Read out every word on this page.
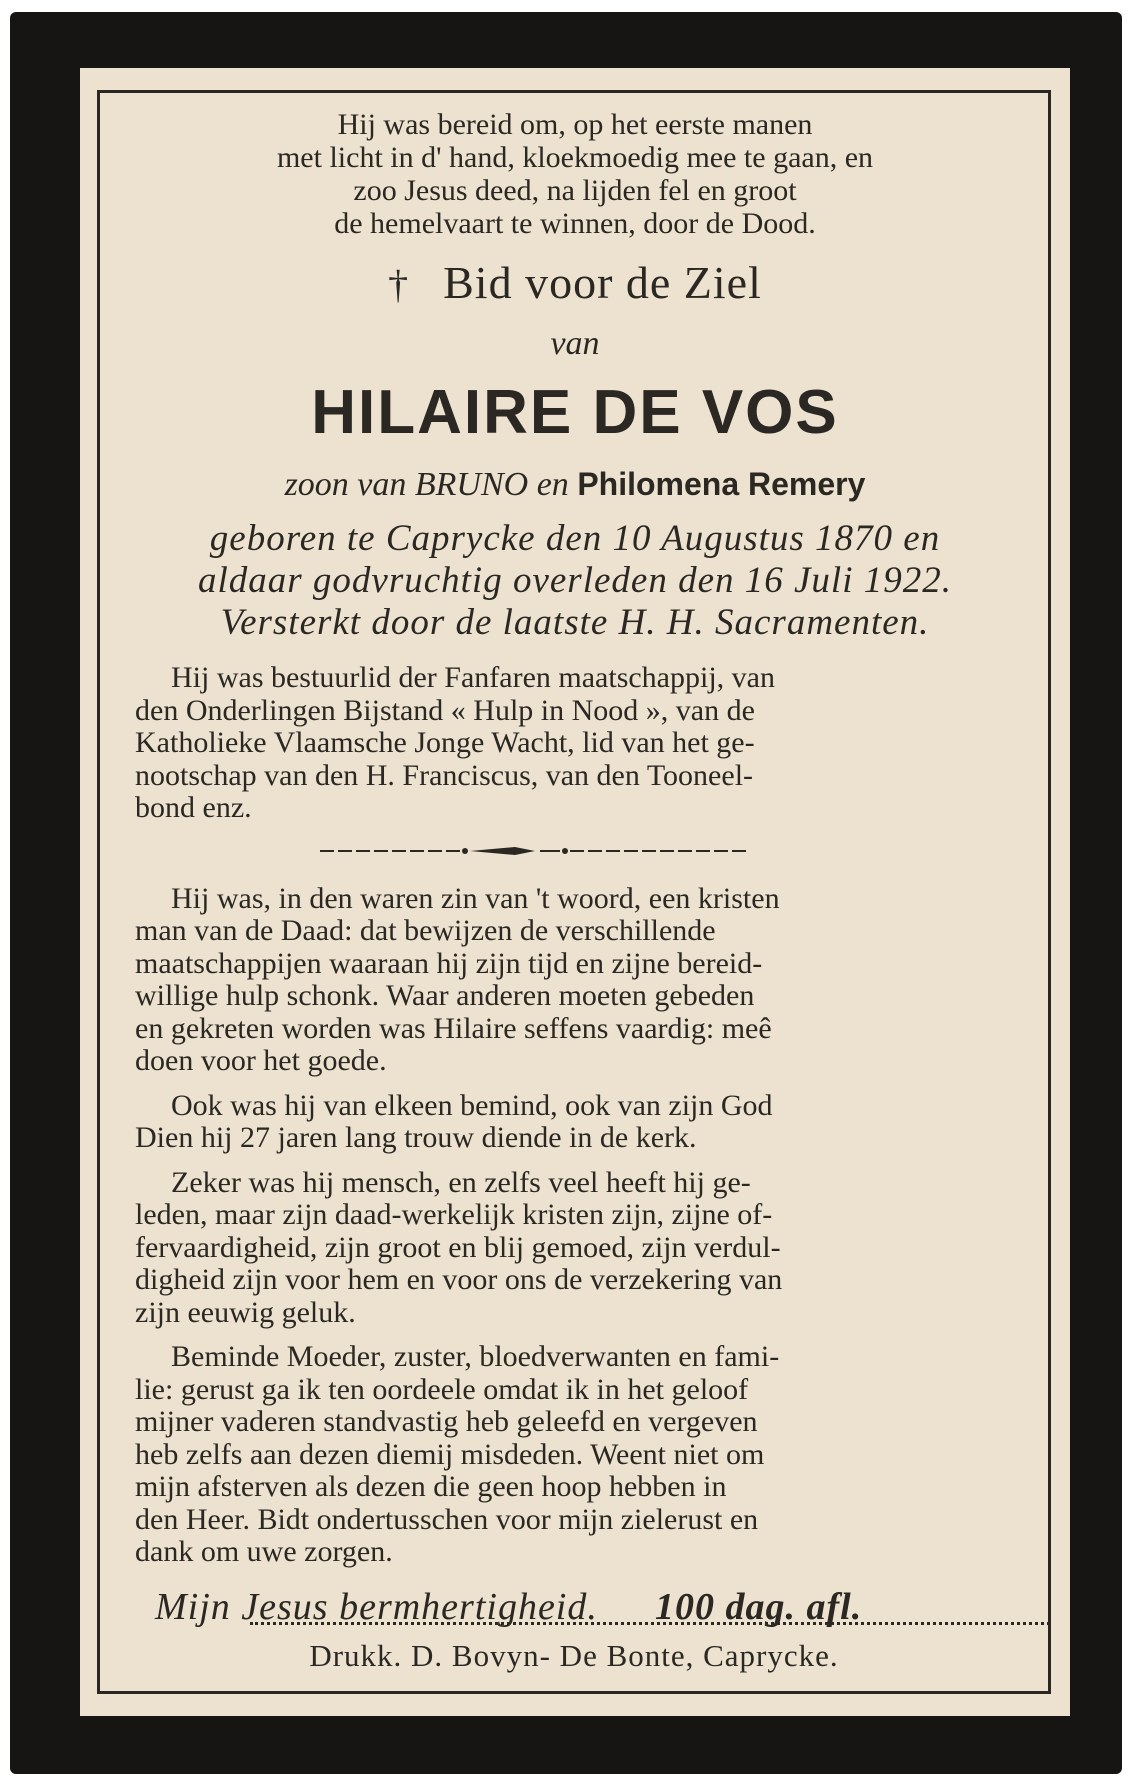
Hij was bereid om, op het eerste manen
met licht in d' hand, kloekmoedig mee te gaan, en
zoo Jesus deed, na lijden fel en groot
de hemelvaart te winnen, door de Dood.
† Bid voor de Ziel
van
HILAIRE DE VOS
zoon van BRUNO en Philomena Remery
geboren te Caprycke den 10 Augustus 1870 en
aldaar godvruchtig overleden den 16 Juli 1922.
Versterkt door de laatste H. H. Sacramenten.
Hij was bestuurlid der Fanfaren maatschappij, van
den Onderlingen Bijstand « Hulp in Nood », van de
Katholieke Vlaamsche Jonge Wacht, lid van het ge-
nootschap van den H. Franciscus, van den Tooneel-
bond enz.
Hij was, in den waren zin van 't woord, een kristen
man van de Daad: dat bewijzen de verschillende
maatschappijen waaraan hij zijn tijd en zijne bereid-
willige hulp schonk. Waar anderen moeten gebeden
en gekreten worden was Hilaire seffens vaardig: meê
doen voor het goede.
Ook was hij van elkeen bemind, ook van zijn God
Dien hij 27 jaren lang trouw diende in de kerk.
Zeker was hij mensch, en zelfs veel heeft hij ge-
leden, maar zijn daad-werkelijk kristen zijn, zijne of-
fervaardigheid, zijn groot en blij gemoed, zijn verdul-
digheid zijn voor hem en voor ons de verzekering van
zijn eeuwig geluk.
Beminde Moeder, zuster, bloedverwanten en fami-
lie: gerust ga ik ten oordeele omdat ik in het geloof
mijner vaderen standvastig heb geleefd en vergeven
heb zelfs aan dezen diemij misdeden. Weent niet om
mijn afsterven als dezen die geen hoop hebben in
den Heer. Bidt ondertusschen voor mijn zielerust en
dank om uwe zorgen.
Mijn Jesus bermhertigheid. 100 dag. afl.
Drukk. D. Bovyn- De Bonte, Caprycke.
